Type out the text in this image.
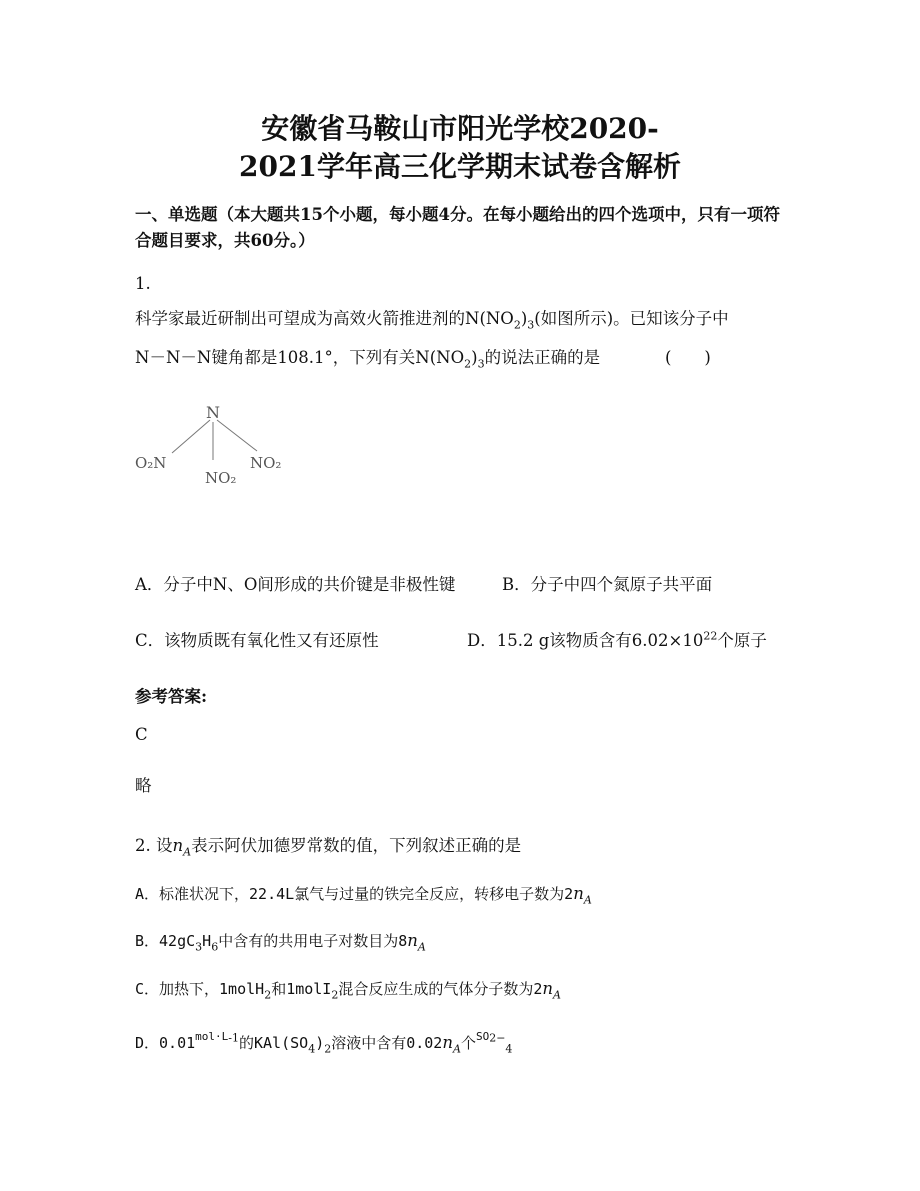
安徽省马鞍山市阳光学校2020-
2021学年高三化学期末试卷含解析
一、单选题（本大题共15个小题，每小题4分。在每小题给出的四个选项中，只有一项符合题目要求，共60分。）
1.
科学家最近研制出可望成为高效火箭推进剂的$N(NO_2)_3$(如图所示)。已知该分子中
N－N－N键角都是108.1°，下列有关$N(NO_2)_3$的说法正确的是	(　　)
N
O₂N
NO₂
NO₂
A．分子中N、O间形成的共价键是非极性键	B．分子中四个氮原子共平面
C．该物质既有氧化性又有还原性	D．15.2 g该物质含有$6.02\times 10^{22}$个原子
参考答案:
C
略
2. 设$n_A$表示阿伏加德罗常数的值，下列叙述正确的是
A．标准状况下，22.4L氯气与过量的铁完全反应，转移电子数为$2n_A$
B．$42gC_3H_6$中含有的共用电子对数目为$8n_A$
C．加热下，1molH$_2$和1molI$_2$混合反应生成的气体分子数为$2n_A$
D．$0.01^{mol\cdot L-1}$的$KAl(SO_4)_2$溶液中含有$0.02n_A$个$^{SO2-}_4$
